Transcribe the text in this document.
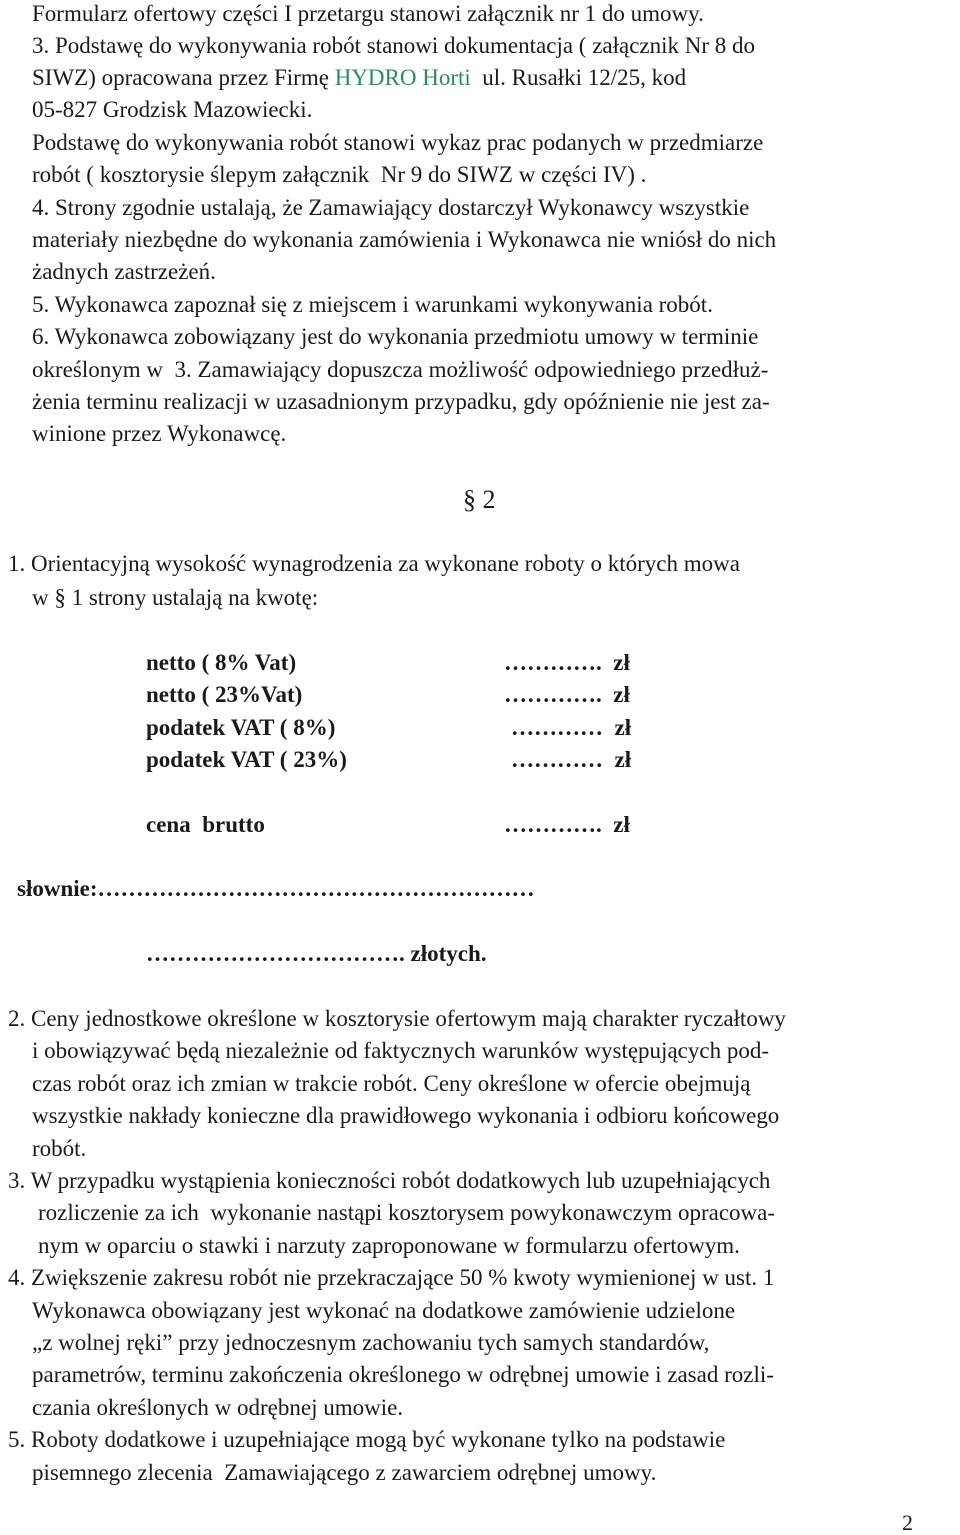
Formularz ofertowy części I przetargu stanowi załącznik nr 1 do umowy.
3. Podstawę do wykonywania robót stanowi dokumentacja ( załącznik Nr 8 do
SIWZ) opracowana przez Firmę HYDRO Horti  ul. Rusałki 12/25, kod
05-827 Grodzisk Mazowiecki.
Podstawę do wykonywania robót stanowi wykaz prac podanych w przedmiarze
robót ( kosztorysie ślepym załącznik  Nr 9 do SIWZ w części IV) .
4. Strony zgodnie ustalają, że Zamawiający dostarczył Wykonawcy wszystkie
materiały niezbędne do wykonania zamówienia i Wykonawca nie wniósł do nich
żadnych zastrzeżeń.
5. Wykonawca zapoznał się z miejscem i warunkami wykonywania robót.
6. Wykonawca zobowiązany jest do wykonania przedmiotu umowy w terminie
określonym w  3. Zamawiający dopuszcza możliwość odpowiedniego przedłuż-
żenia terminu realizacji w uzasadnionym przypadku, gdy opóźnienie nie jest za-
winione przez Wykonawcę.
§ 2
1. Orientacyjną wysokość wynagrodzenia za wykonane roboty o których mowa
w § 1 strony ustalają na kwotę:
netto ( 8% Vat)	………….  zł
netto ( 23%Vat)	………….  zł
podatek VAT ( 8%)	…………  zł
podatek VAT ( 23%)	…………  zł
cena  brutto	………….  zł
słownie:…………………………………………………
……………………………. złotych.
2. Ceny jednostkowe określone w kosztorysie ofertowym mają charakter ryczałtowy
i obowiązywać będą niezależnie od faktycznych warunków występujących pod-
czas robót oraz ich zmian w trakcie robót. Ceny określone w ofercie obejmują
wszystkie nakłady konieczne dla prawidłowego wykonania i odbioru końcowego
robót.
3. W przypadku wystąpienia konieczności robót dodatkowych lub uzupełniających
rozliczenie za ich  wykonanie nastąpi kosztorysem powykonawczym opracowa-
nym w oparciu o stawki i narzuty zaproponowane w formularzu ofertowym.
4. Zwiększenie zakresu robót nie przekraczające 50 % kwoty wymienionej w ust. 1
Wykonawca obowiązany jest wykonać na dodatkowe zamówienie udzielone
„z wolnej ręki” przy jednoczesnym zachowaniu tych samych standardów,
parametrów, terminu zakończenia określonego w odrębnej umowie i zasad rozli-
czania określonych w odrębnej umowie.
5. Roboty dodatkowe i uzupełniające mogą być wykonane tylko na podstawie
pisemnego zlecenia  Zamawiającego z zawarciem odrębnej umowy.
2
